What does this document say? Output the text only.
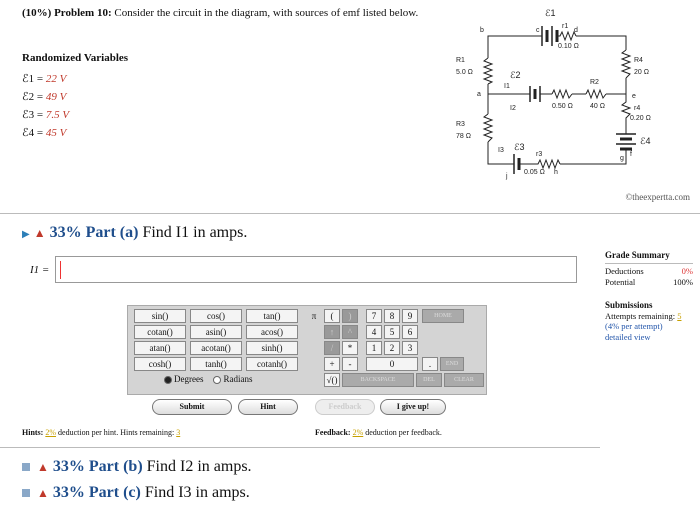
(10%) Problem 10: Consider the circuit in the diagram, with sources of emf listed below.
Randomized Variables
ℰ1 = 22 V
ℰ2 = 49 V
ℰ3 = 7.5 V
ℰ4 = 45 V
ℰ1
b	c	d
r1
0.10 Ω
R1
5.0 Ω	ℰ2
I1
a
I2	0.50 Ω
R2
40 Ω
R4
20 Ω
e
r4
0.20 Ω
ℰ4
f
g
R3
78 Ω
I3 ℰ3
j
r3
0.05 Ω h
©theexpertta.com
▶ ▲ 33% Part (a) Find I1 in amps.
I1 =
Grade Summary
Deductions	0%
Potential	100%
Submissions
Attempts remaining: 5
(4% per attempt)
detailed view
sin()	cos()	tan()
cotan()	asin()	acos()
atan()	acotan()	sinh()
cosh()	tanh()	cotanh()
Degrees	Radians
π	(	)	7	8	9	HOME
↑	^	4	5	6
/	*	1	2	3
+	-	0	.	END
√()	BACKSPACE	DEL	CLEAR
Submit	Hint	Feedback	I give up!
Hints: 2% deduction per hint. Hints remaining: 3	Feedback: 2% deduction per feedback.
▲ 33% Part (b) Find I2 in amps.
▲ 33% Part (c) Find I3 in amps.
